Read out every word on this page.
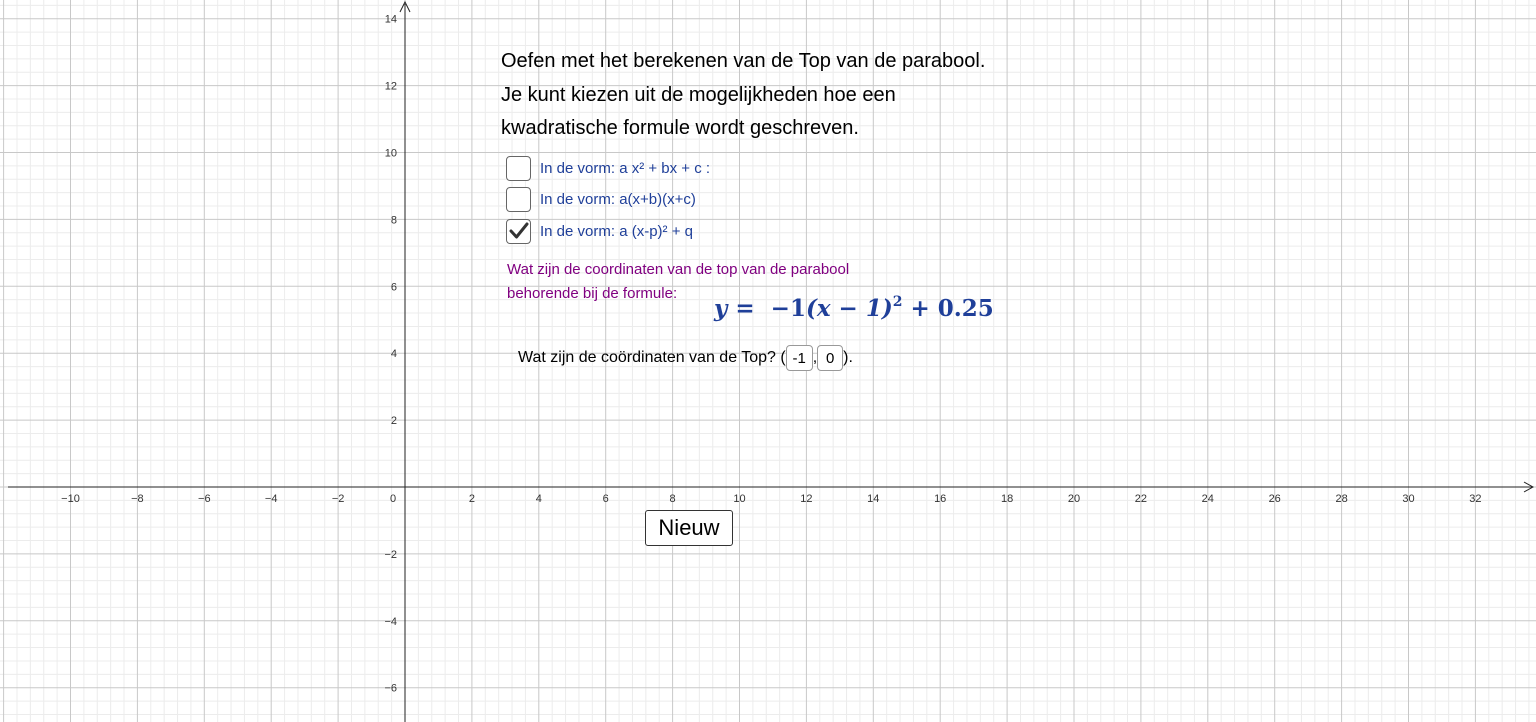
−10	−8	−6	−4	−2	0	2	4	6	8	10	12	14	16	18	20	22	24	26	28	30	32
14
12
10
8
6
4
2
−2
−4
−6
Oefen met het berekenen van de Top van de parabool.
Je kunt kiezen uit de mogelijkheden hoe een
kwadratische formule wordt geschreven.
In de vorm: a x² + bx + c :
In de vorm: a(x+b)(x+c)
In de vorm: a (x-p)² + q
Wat zijn de coordinaten van de top van de parabool
behorende bij de formule:
$y = -1(x - 1)^2 + 0.25$
Wat zijn de coördinaten van de Top? (
-1 ,
0 ).
Nieuw
